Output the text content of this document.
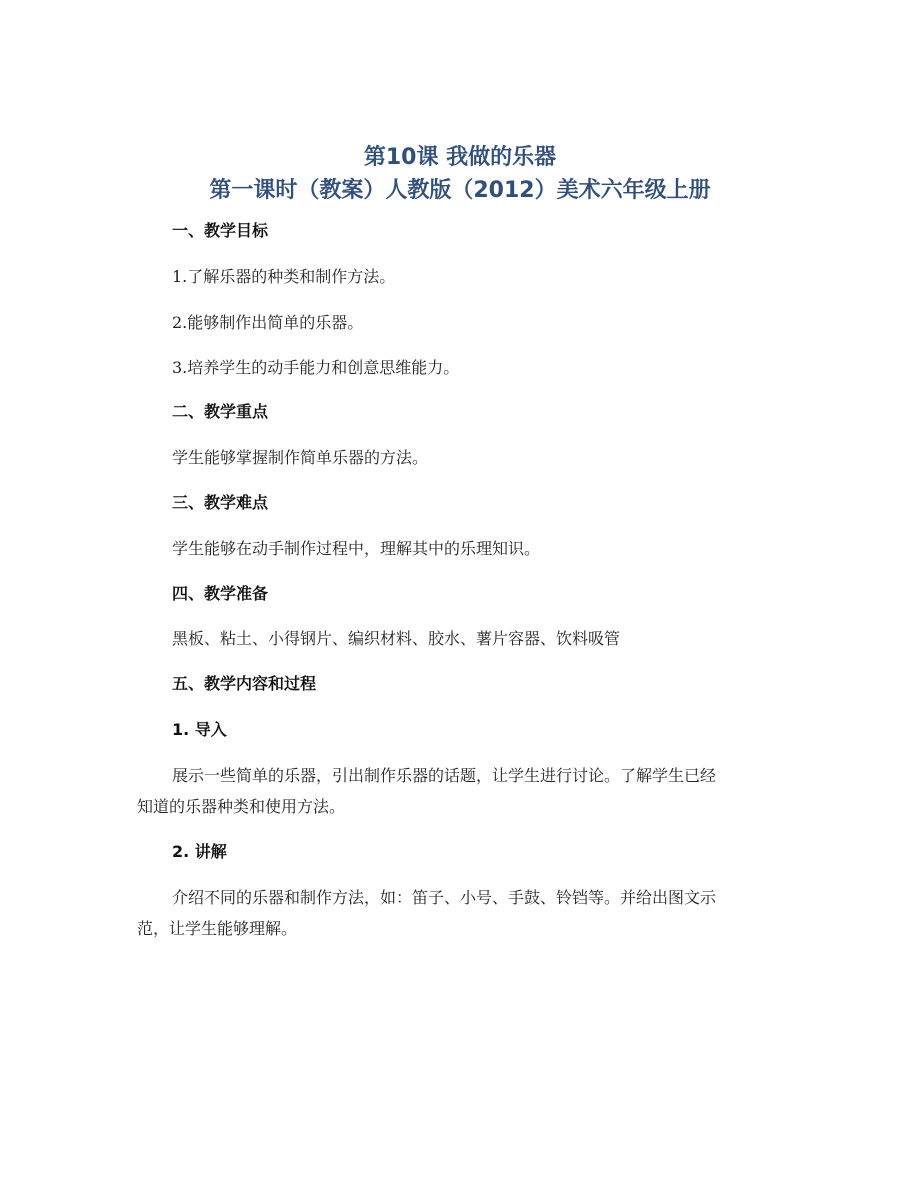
第10课 我做的乐器
第一课时（教案）人教版（2012）美术六年级上册
一、教学目标
1.了解乐器的种类和制作方法。
2.能够制作出简单的乐器。
3.培养学生的动手能力和创意思维能力。
二、教学重点
学生能够掌握制作简单乐器的方法。
三、教学难点
学生能够在动手制作过程中，理解其中的乐理知识。
四、教学准备
黑板、粘土、小得钢片、编织材料、胶水、薯片容器、饮料吸管
五、教学内容和过程
1. 导入
展示一些简单的乐器，引出制作乐器的话题，让学生进行讨论。了解学生已经
知道的乐器种类和使用方法。
2. 讲解
介绍不同的乐器和制作方法，如：笛子、小号、手鼓、铃铛等。并给出图文示
范，让学生能够理解。
